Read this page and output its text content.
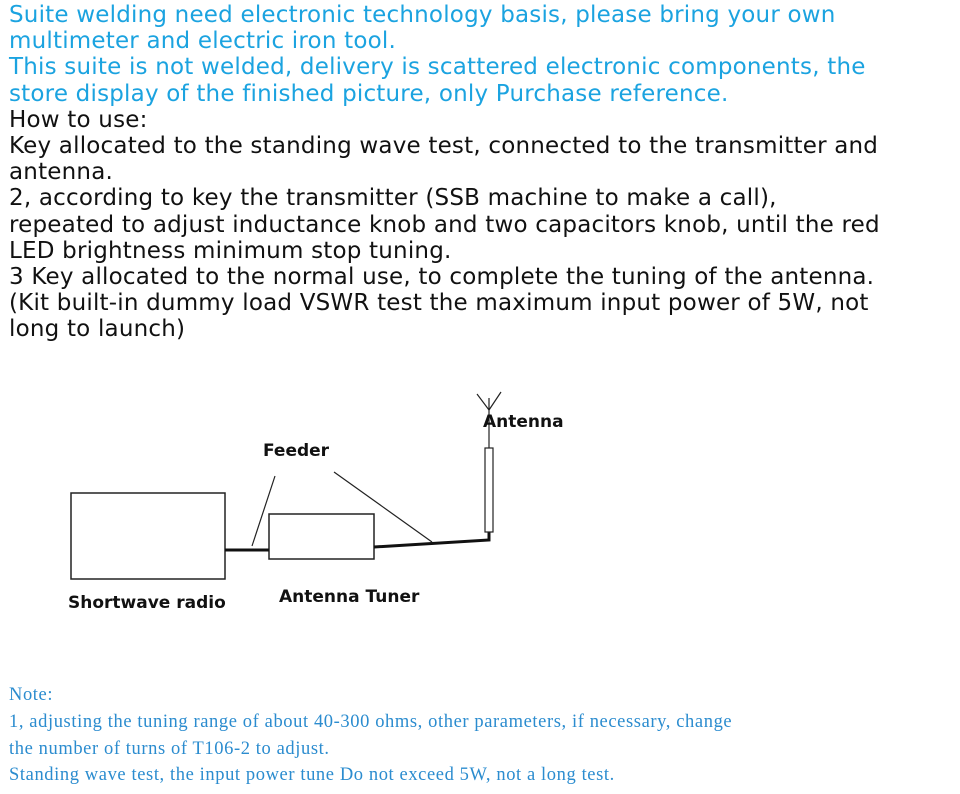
Suite welding need electronic technology basis, please bring your own
multimeter and electric iron tool.
This suite is not welded, delivery is scattered electronic components, the
store display of the finished picture, only Purchase reference.
How to use:
Key allocated to the standing wave test, connected to the transmitter and
antenna.
2, according to key the transmitter (SSB machine to make a call),
repeated to adjust inductance knob and two capacitors knob, until the red
LED brightness minimum stop tuning.
3 Key allocated to the normal use, to complete the tuning of the antenna.
(Kit built-in dummy load VSWR test the maximum input power of 5W, not
long to launch)
Antenna
Feeder
Shortwave radio	Antenna Tuner
Note:
1, adjusting the tuning range of about 40-300 ohms, other parameters, if necessary, change
the number of turns of T106-2 to adjust.
Standing wave test, the input power tune Do not exceed 5W, not a long test.
